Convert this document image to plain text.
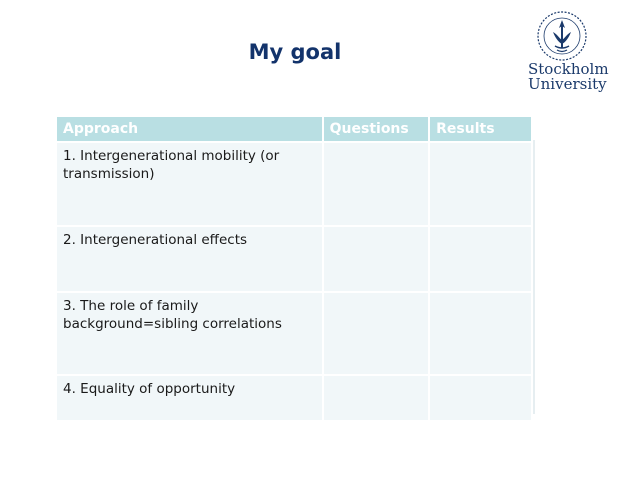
My goal
Stockholm
University
Approach	Questions	Results
1. Intergenerational mobility (or transmission)		
2. Intergenerational effects		
3. The role of family background=sibling correlations		
4. Equality of opportunity		
